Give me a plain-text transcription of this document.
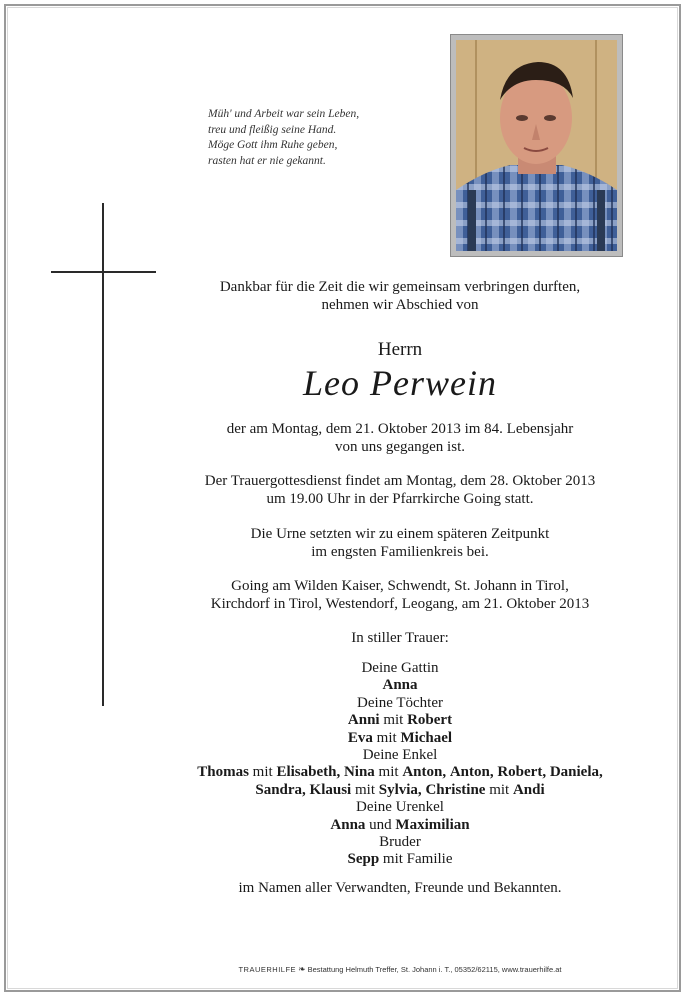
Müh' und Arbeit war sein Leben,
treu und fleißig seine Hand.
Möge Gott ihm Ruhe geben,
rasten hat er nie gekannt.
Dankbar für die Zeit die wir gemeinsam verbringen durften,
nehmen wir Abschied von
Herrn
Leo Perwein
der am Montag, dem 21. Oktober 2013 im 84. Lebensjahr
von uns gegangen ist.
Der Trauergottesdienst findet am Montag, dem 28. Oktober 2013
um 19.00 Uhr in der Pfarrkirche Going statt.
Die Urne setzten wir zu einem späteren Zeitpunkt
im engsten Familienkreis bei.
Going am Wilden Kaiser, Schwendt, St. Johann in Tirol,
Kirchdorf in Tirol, Westendorf, Leogang, am 21. Oktober 2013
In stiller Trauer:
Deine Gattin
Anna
Deine Töchter
Anni mit Robert
Eva mit Michael
Deine Enkel
Thomas mit Elisabeth, Nina mit Anton, Anton, Robert, Daniela,
Sandra, Klausi mit Sylvia, Christine mit Andi
Deine Urenkel
Anna und Maximilian
Bruder
Sepp mit Familie
im Namen aller Verwandten, Freunde und Bekannten.
TRAUERHILFE ❧ Bestattung Helmuth Treffer, St. Johann i. T., 05352/62115, www.trauerhilfe.at
